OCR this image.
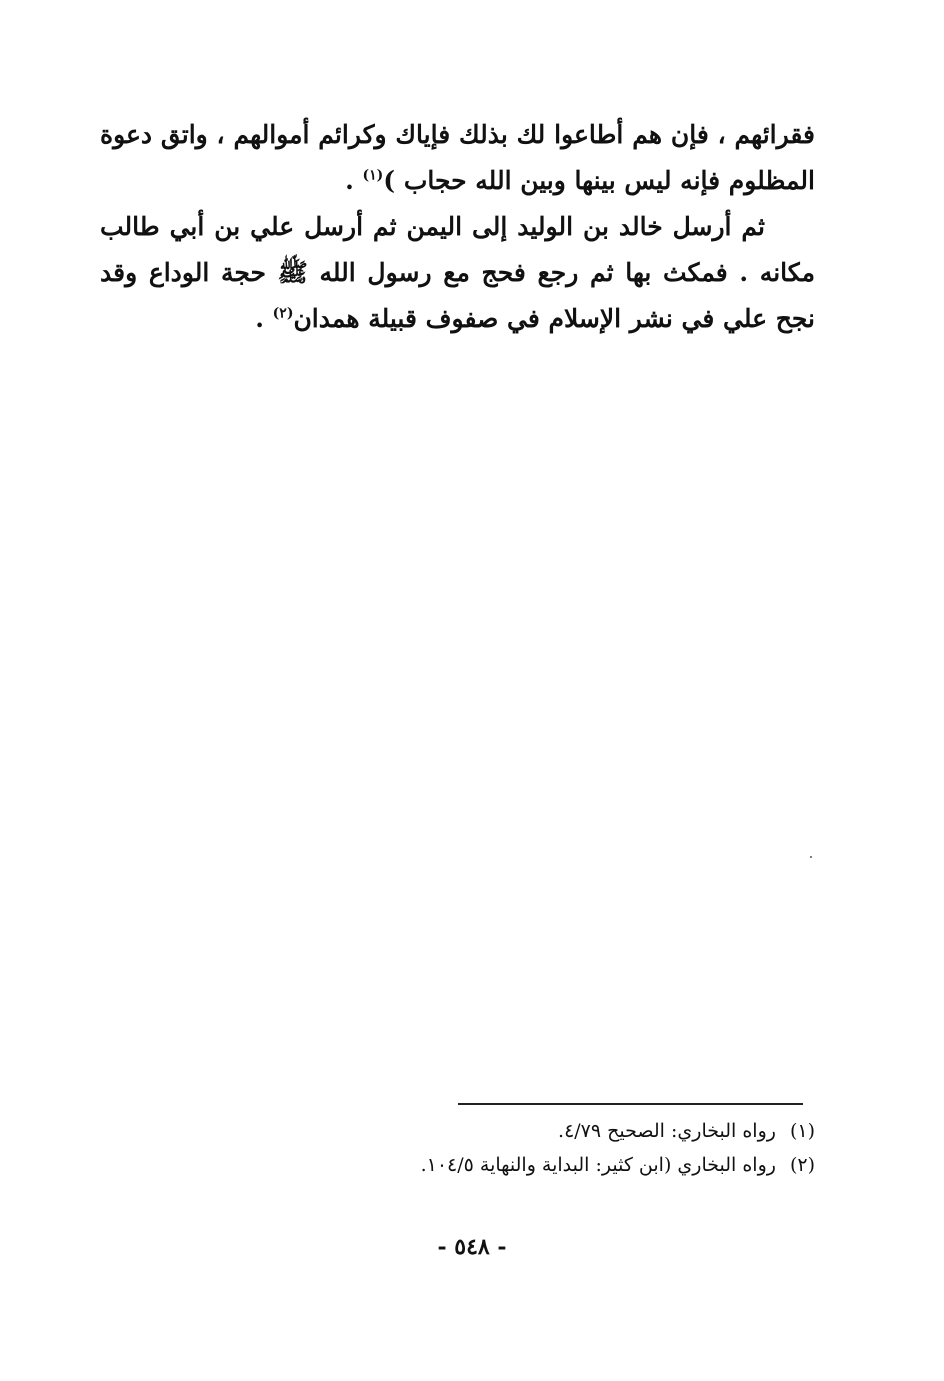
فقرائهم ، فإن هم أطاعوا لك بذلك فإياك وكرائم أموالهم ، واتق دعوة المظلوم فإنه ليس بينها وبين الله حجاب )$^{(١)}$ .

ثم أرسل خالد بن الوليد إلى اليمن ثم أرسل علي بن أبي طالب مكانه . فمكث بها ثم رجع فحج مع رسول الله ﷺ حجة الوداع وقد نجح علي في نشر الإسلام في صفوف قبيلة همدان$^{(٢)}$ .

(١)رواه البخاري: الصحيح ٤/٧٩.

(٢)رواه البخاري (ابن كثير: البداية والنهاية ١٠٤/٥.

- ٥٤٨ -
